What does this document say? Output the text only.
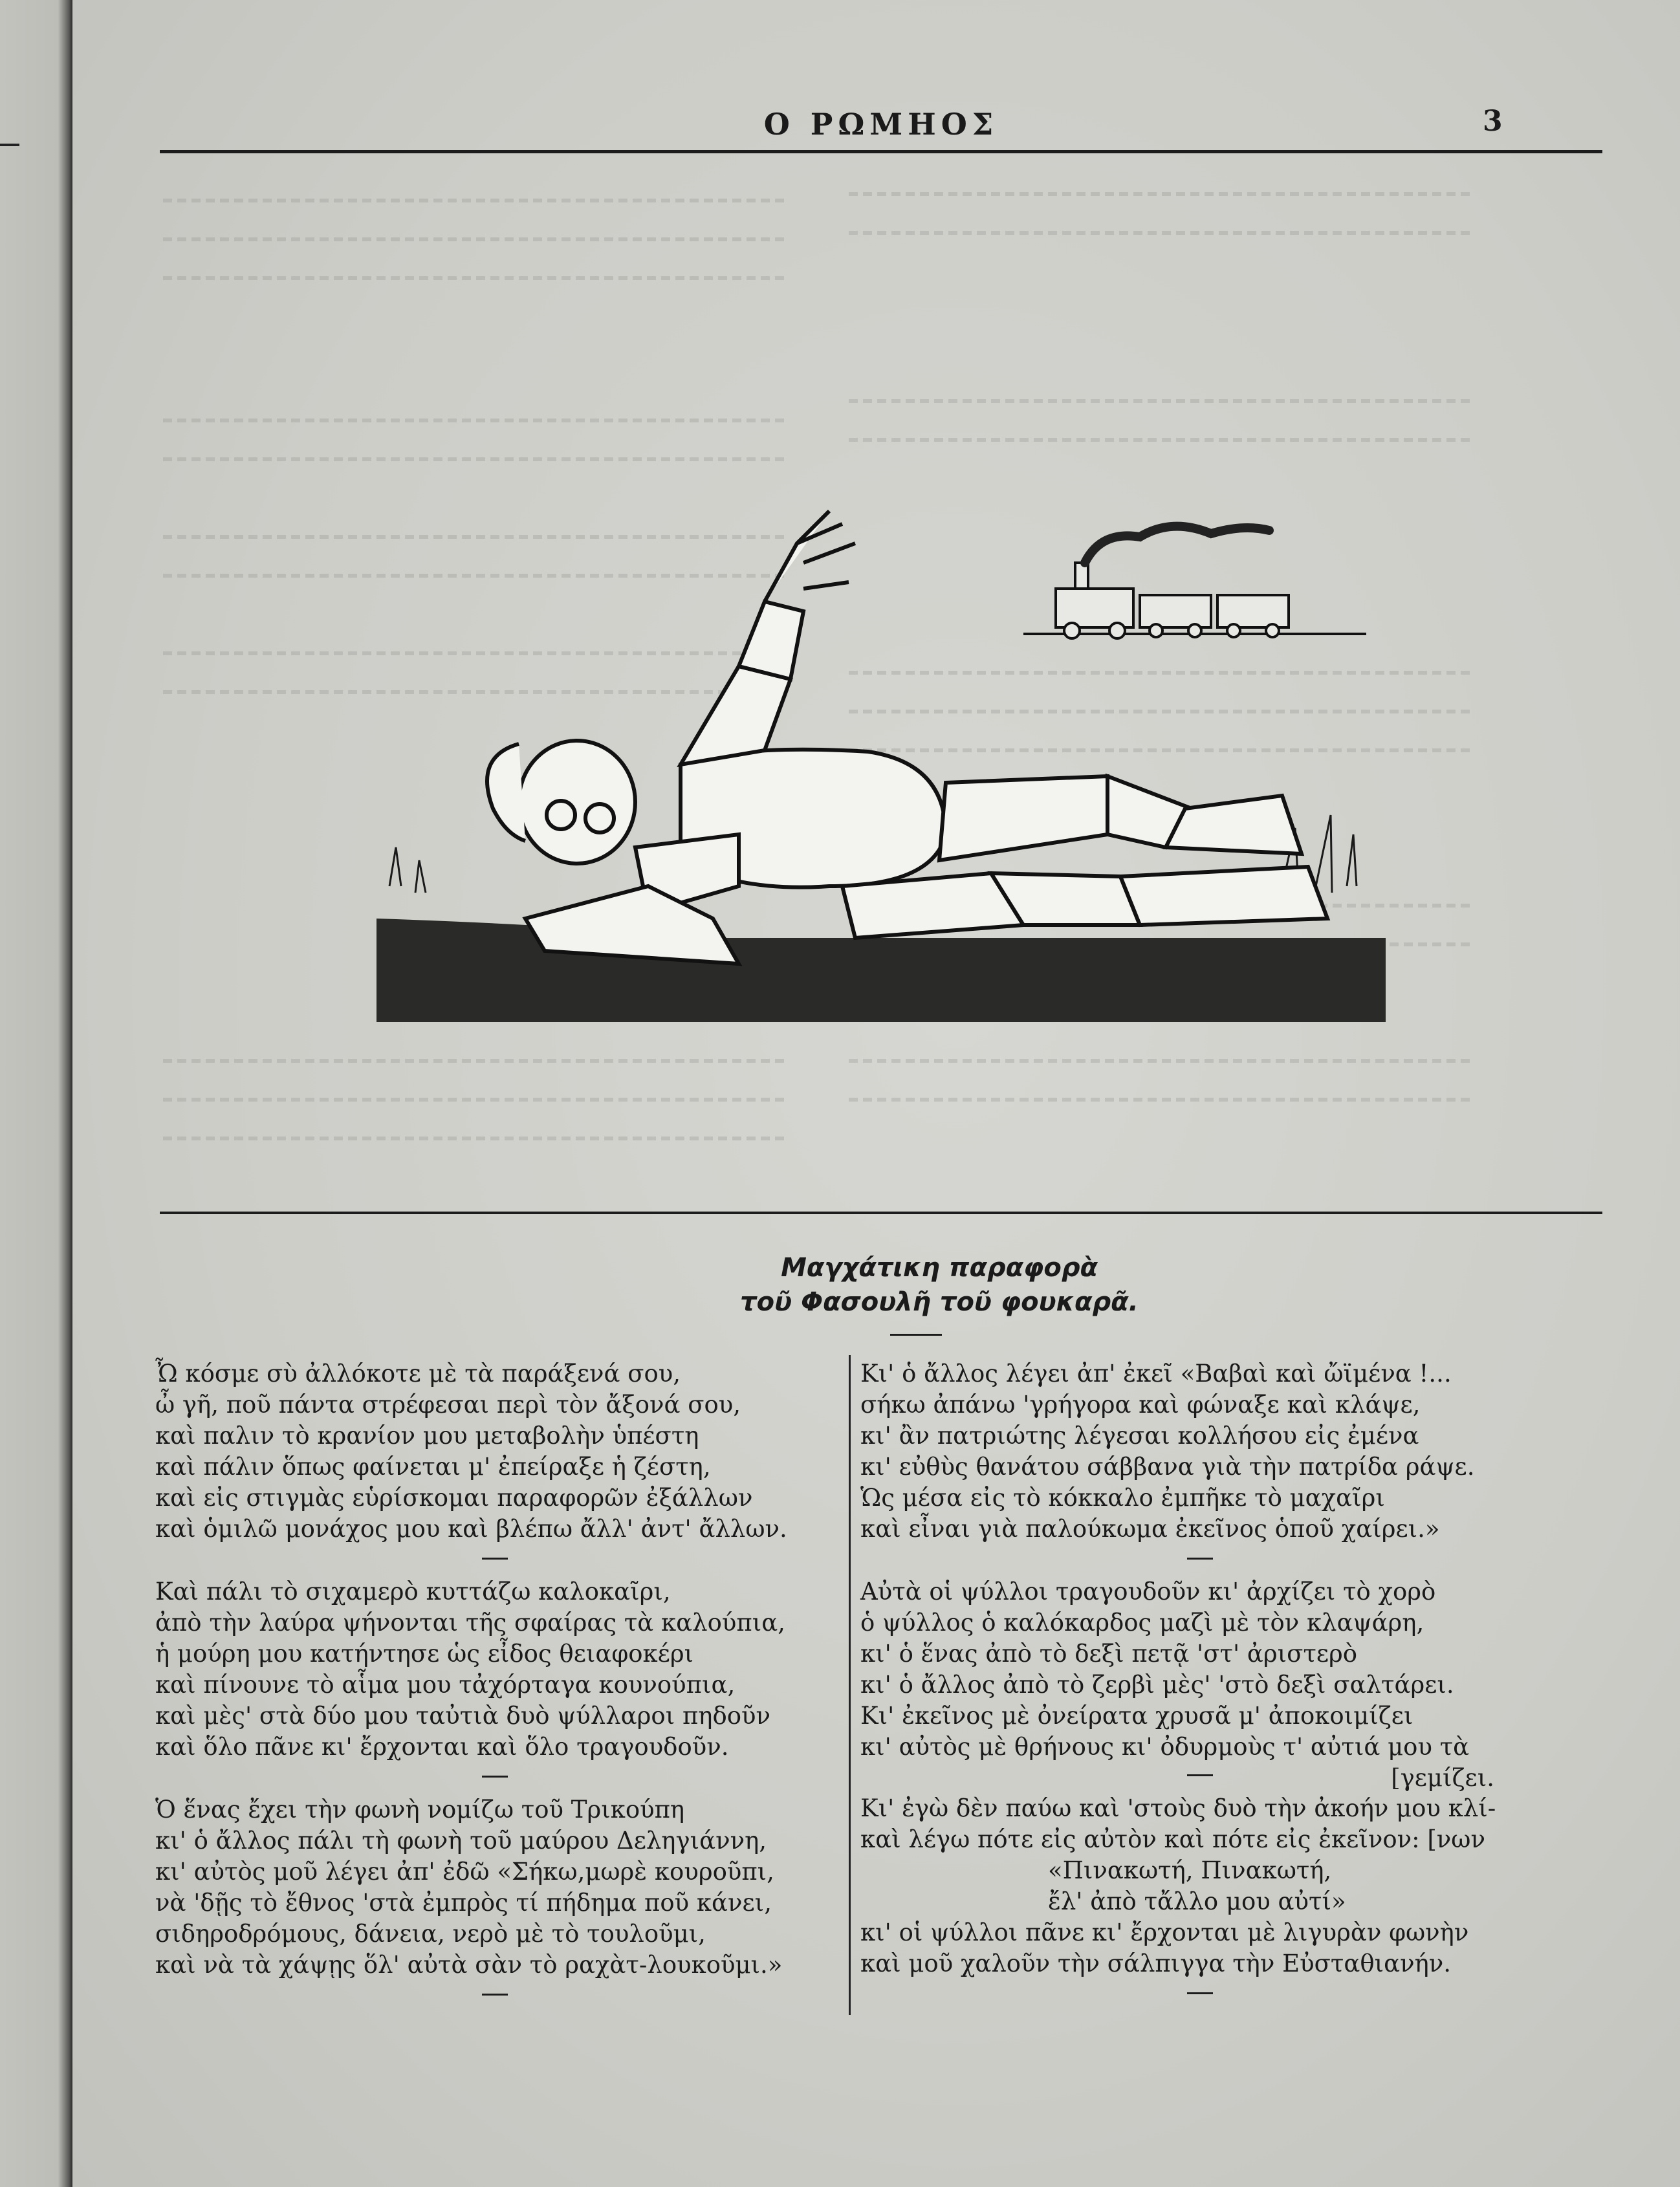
Ο ΡΩΜΗΟΣ	3
Μαγχάτικη παραφορὰ
τοῦ Φασουλῆ τοῦ φουκαρᾶ.
Ὦ κόσμε σὺ ἀλλόκοτε μὲ τὰ παράξενά σου,
ὦ γῆ, ποῦ πάντα στρέφεσαι περὶ τὸν ἄξονά σου,
καὶ παλιν τὸ κρανίον μου μεταβολὴν ὑπέστη
καὶ πάλιν ὅπως φαίνεται μ' ἐπείραξε ἡ ζέστη,
καὶ εἰς στιγμὰς εὑρίσκομαι παραφορῶν ἐξάλλων
καὶ ὁμιλῶ μονάχος μου καὶ βλέπω ἄλλ' ἀντ' ἄλλων.
Καὶ πάλι τὸ σιχαμερὸ κυττάζω καλοκαῖρι,
ἀπὸ τὴν λαύρα ψήνονται τῆς σφαίρας τὰ καλούπια,
ἡ μούρη μου κατήντησε ὡς εἶδος θειαφοκέρι
καὶ πίνουνε τὸ αἷμα μου τἀχόρταγα κουνούπια,
καὶ μὲς' στὰ δύο μου ταὐτιὰ δυὸ ψύλλαροι πηδοῦν
καὶ ὅλο πᾶνε κι' ἔρχονται καὶ ὅλο τραγουδοῦν.
Ὁ ἕνας ἔχει τὴν φωνὴ νομίζω τοῦ Τρικούπη
κι' ὁ ἄλλος πάλι τὴ φωνὴ τοῦ μαύρου Δεληγιάννη,
κι' αὐτὸς μοῦ λέγει ἀπ' ἐδῶ «Σήκω,μωρὲ κουροῦπι,
νὰ 'δῇς τὸ ἔθνος 'στὰ ἐμπρὸς τί πήδημα ποῦ κάνει,
σιδηροδρόμους, δάνεια, νερὸ μὲ τὸ τουλοῦμι,
καὶ νὰ τὰ χάψῃς ὅλ' αὐτὰ σὰν τὸ ραχὰτ-λουκοῦμι.»
Κι' ὁ ἄλλος λέγει ἀπ' ἐκεῖ «Βαβαὶ καὶ ὤϊμένα !...
σήκω ἀπάνω 'γρήγορα καὶ φώναξε καὶ κλάψε,
κι' ἂν πατριώτης λέγεσαι κολλήσου εἰς ἐμένα
κι' εὐθὺς θανάτου σάββανα γιὰ τὴν πατρίδα ράψε.
Ὡς μέσα εἰς τὸ κόκκαλο ἐμπῆκε τὸ μαχαῖρι
καὶ εἶναι γιὰ παλούκωμα ἐκεῖνος ὁποῦ χαίρει.»
Αὐτὰ οἱ ψύλλοι τραγουδοῦν κι' ἀρχίζει τὸ χορὸ
ὁ ψύλλος ὁ καλόκαρδος μαζὶ μὲ τὸν κλαψάρη,
κι' ὁ ἕνας ἀπὸ τὸ δεξὶ πετᾷ 'στ' ἀριστερὸ
κι' ὁ ἄλλος ἀπὸ τὸ ζερβὶ μὲς' 'στὸ δεξὶ σαλτάρει.
Κι' ἐκεῖνος μὲ ὀνείρατα χρυσᾶ μ' ἀποκοιμίζει
κι' αὐτὸς μὲ θρήνους κι' ὀδυρμοὺς τ' αὐτιά μου τὰ
[γεμίζει.
Κι' ἐγὼ δὲν παύω καὶ 'στοὺς δυὸ τὴν ἀκοήν μου κλί-
καὶ λέγω πότε εἰς αὐτὸν καὶ πότε εἰς ἐκεῖνον: [νων
«Πινακωτή, Πινακωτή,
ἔλ' ἀπὸ τἄλλο μου αὐτί»
κι' οἱ ψύλλοι πᾶνε κι' ἔρχονται μὲ λιγυρὰν φωνὴν
καὶ μοῦ χαλοῦν τὴν σάλπιγγα τὴν Εὐσταθιανήν.
